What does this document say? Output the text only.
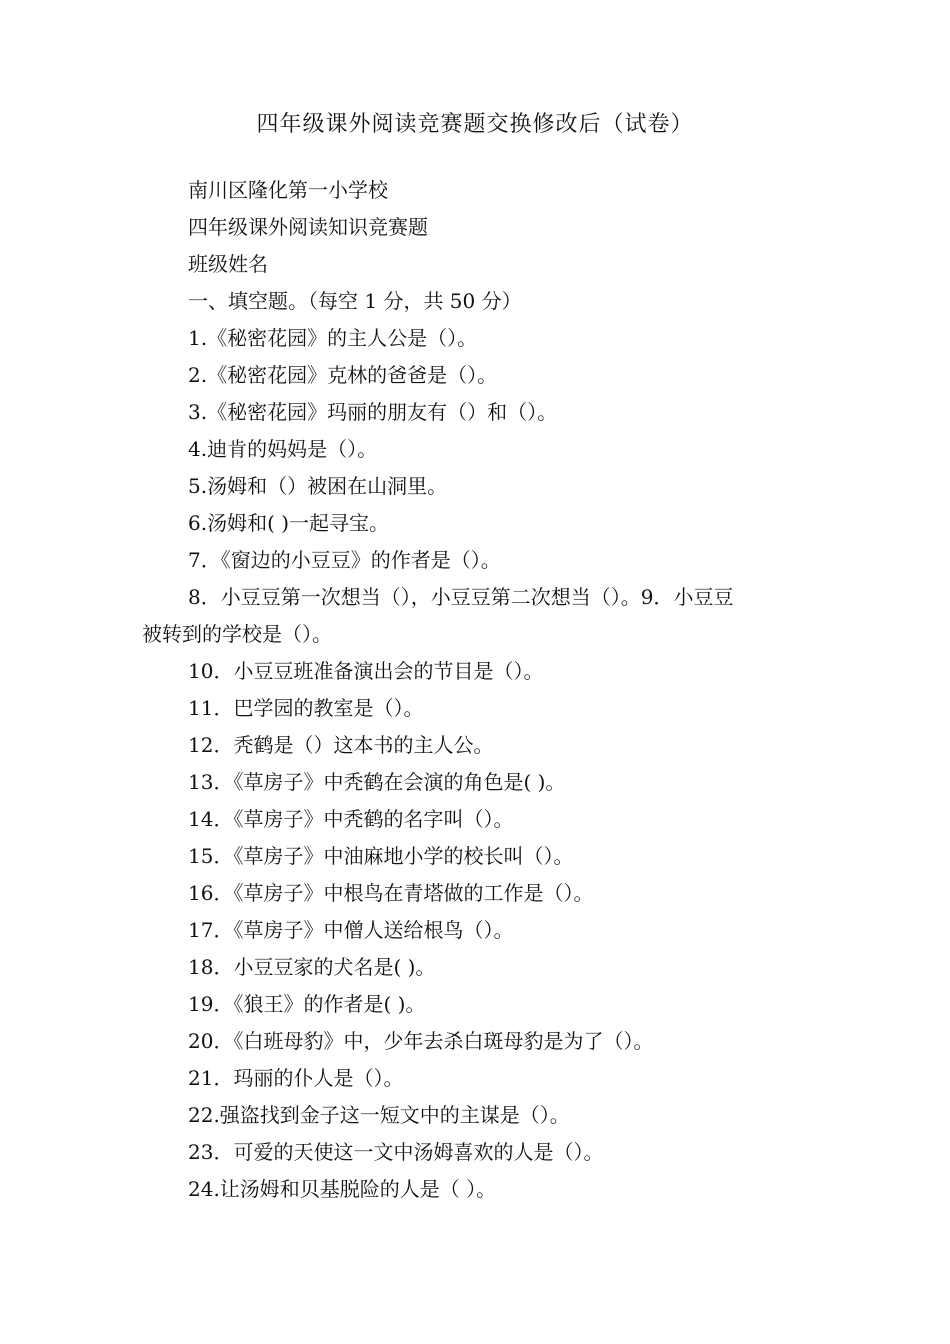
四年级课外阅读竞赛题交换修改后（试卷）
南川区隆化第一小学校
四年级课外阅读知识竞赛题
班级姓名
一、填空题。（每空 1 分，共 50 分）
1.《秘密花园》的主人公是（）。
2.《秘密花园》克林的爸爸是（）。
3.《秘密花园》玛丽的朋友有（）和（）。
4.迪肯的妈妈是（）。
5.汤姆和（）被困在山洞里。
6.汤姆和( )一起寻宝。
7．《窗边的小豆豆》的作者是（）。
8．小豆豆第一次想当（），小豆豆第二次想当（）。9．小豆豆
被转到的学校是（）。
10．小豆豆班准备演出会的节目是（）。
11．巴学园的教室是（）。
12．秃鹤是（）这本书的主人公。
13．《草房子》中秃鹤在会演的角色是( )。
14．《草房子》中秃鹤的名字叫（）。
15．《草房子》中油麻地小学的校长叫（）。
16．《草房子》中根鸟在青塔做的工作是（）。
17．《草房子》中僧人送给根鸟（）。
18．小豆豆家的犬名是( )。
19．《狼王》的作者是( )。
20．《白班母豹》中，少年去杀白斑母豹是为了（）。
21．玛丽的仆人是（）。
22.强盗找到金子这一短文中的主谋是（）。
23．可爱的天使这一文中汤姆喜欢的人是（）。
24.让汤姆和贝基脱险的人是（ ）。
